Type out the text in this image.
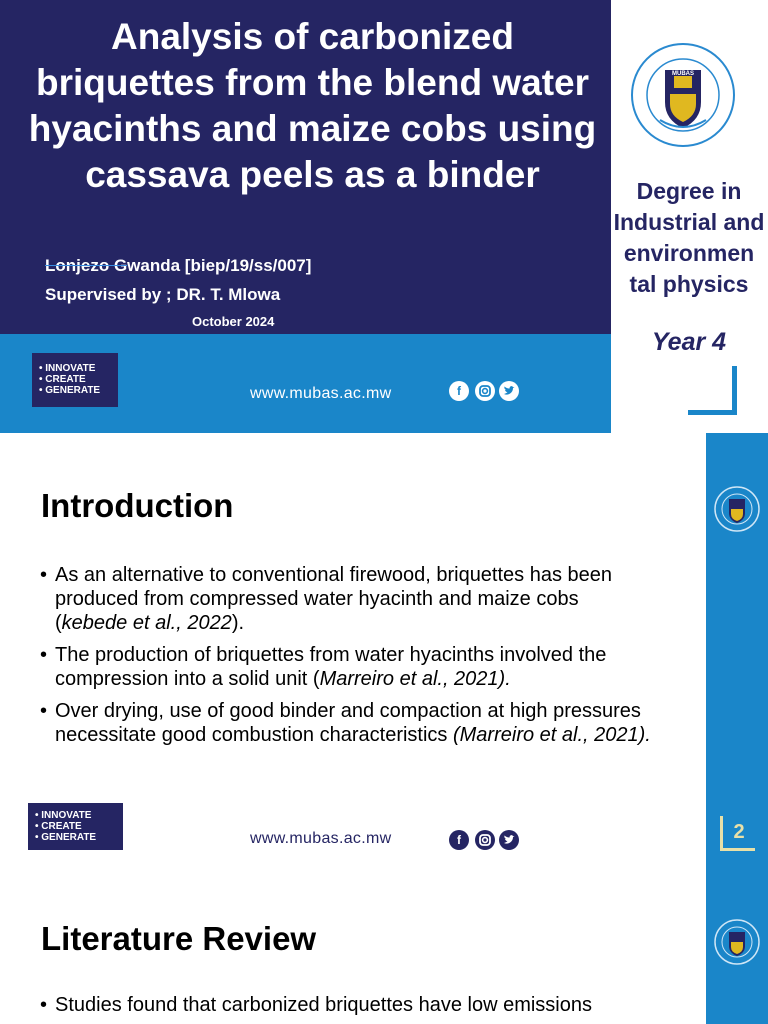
Analysis of carbonized briquettes from the blend water hyacinths and maize cobs using cassava peels as a binder
Lonjezo Gwanda [biep/19/ss/007]
Supervised by ; DR. T. Mlowa
October 2024
• INNOVATE
• CREATE
• GENERATE	www.mubas.ac.mw	f
MUBAS
Degree in Industrial and environmen tal physics
Year 4
2
Introduction
• As an alternative to conventional firewood, briquettes has been produced from compressed water hyacinth and maize cobs (kebede et al., 2022).
• The production of briquettes from water hyacinths involved the compression into a solid unit (Marreiro et al., 2021).
• Over drying, use of good binder and compaction at high pressures necessitate good combustion characteristics (Marreiro et al., 2021).
• INNOVATE
• CREATE
• GENERATE	www.mubas.ac.mw	f
Literature Review
• Studies found that carbonized briquettes have low emissions
